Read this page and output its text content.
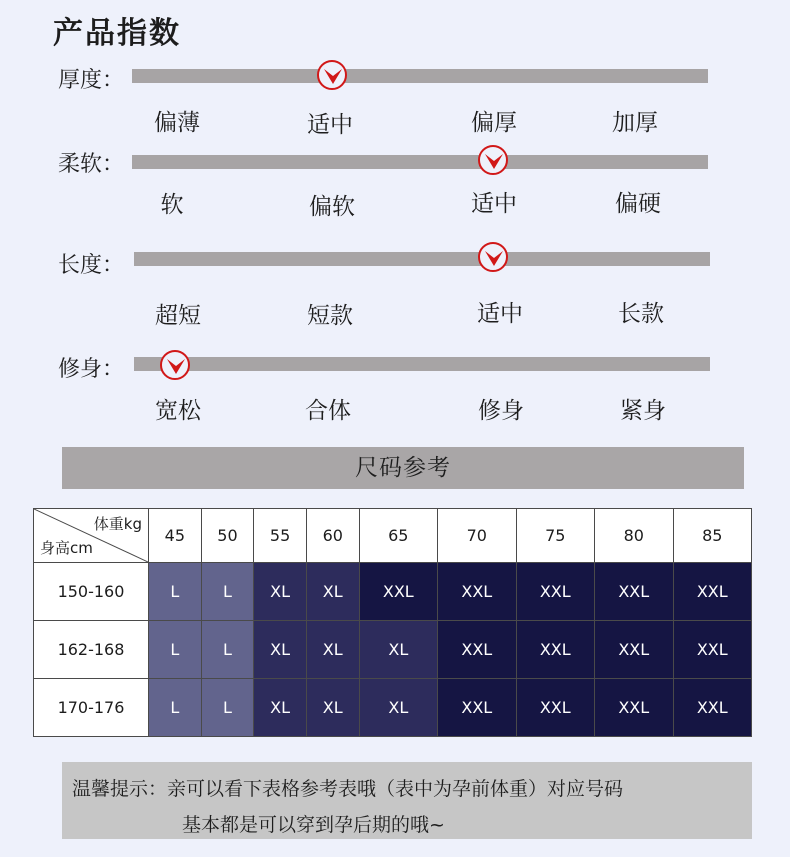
产品指数
厚度：
偏薄	适中	偏厚	加厚
柔软：
软	偏软	适中	偏硬
长度：
超短	短款	适中	长款
修身：
宽松	合体	修身	紧身
尺码参考
体重kg
身高cm	45	50	55	60	65	70	75	80	85
150-160	L	L	XL	XL	XXL	XXL	XXL	XXL	XXL
162-168	L	L	XL	XL	XL	XXL	XXL	XXL	XXL
170-176	L	L	XL	XL	XL	XXL	XXL	XXL	XXL
温馨提示：亲可以看下表格参考表哦（表中为孕前体重）对应号码
基本都是可以穿到孕后期的哦~
